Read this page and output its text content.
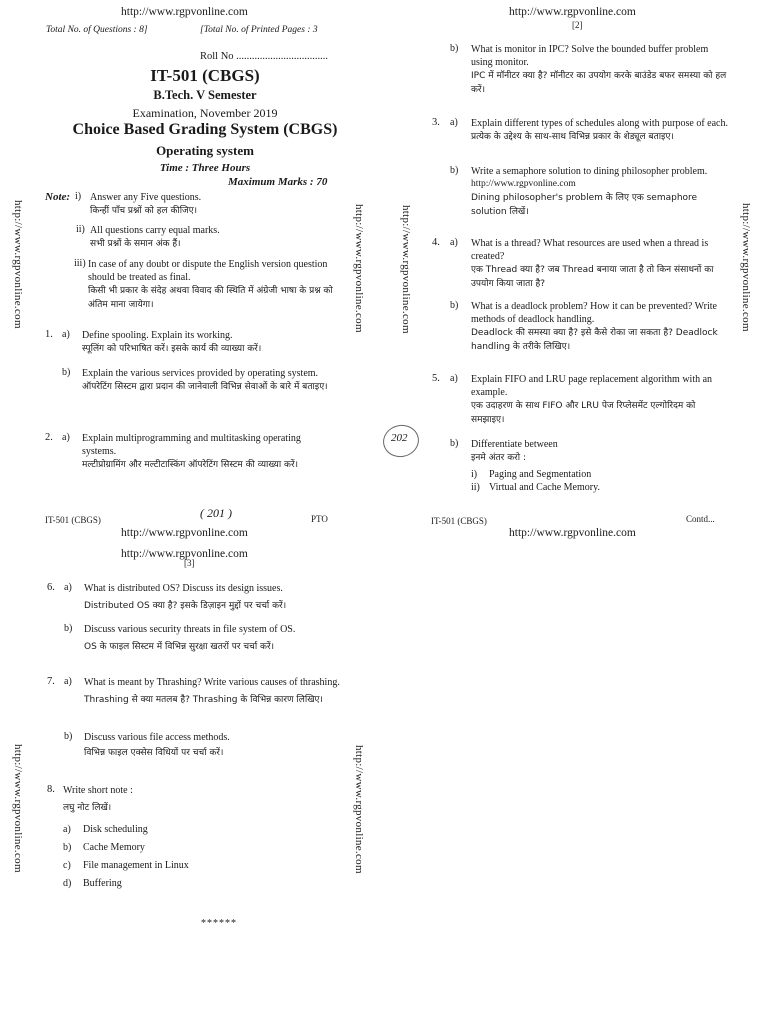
http://www.rgpvonline.com
Total No. of Questions : 8]	[Total No. of Printed Pages : 3
Roll No ...................................
IT-501 (CBGS)
B.Tech. V Semester
Examination, November 2019
Choice Based Grading System (CBGS)
Operating system
Time : Three Hours
Maximum Marks : 70
Note: i) Answer any Five questions.
किन्हीं पाँच प्रश्नों को हल कीजिए।
ii) All questions carry equal marks.
सभी प्रश्नों के समान अंक हैं।
iii) In case of any doubt or dispute the English version question should be treated as final.
किसी भी प्रकार के संदेह अथवा विवाद की स्थिति में अंग्रेजी भाषा के प्रश्न को अंतिम माना जायेगा।
1. a) Define spooling. Explain its working.
स्पूलिंग को परिभाषित करें। इसके कार्य की व्याख्या करें।
b) Explain the various services provided by operating system.
ऑपरेटिंग सिस्टम द्वारा प्रदान की जानेवाली विभिन्न सेवाओं के बारे में बताइए।
2. a) Explain multiprogramming and multitasking operating systems.
मल्टीप्रोग्रामिंग और मल्टीटास्किंग ऑपरेटिंग सिस्टम की व्याख्या करें।
IT-501 (CBGS)	( 201 )	PTO
http://www.rgpvonline.com
http://www.rgpvonline.com
[2]
b) What is monitor in IPC? Solve the bounded buffer problem using monitor.
IPC में मॉनीटर क्या है? मॉनीटर का उपयोग करके बाउंडेड बफर समस्या को हल करें।
3. a) Explain different types of schedules along with purpose of each.
प्रत्येक के उद्देश्य के साथ-साथ विभिन्न प्रकार के शेड्यूल बताइए।
b) Write a semaphore solution to dining philosopher problem.
http://www.rgpvonline.com
Dining philosopher's problem के लिए एक semaphore solution लिखें।
4. a) What is a thread? What resources are used when a thread is created?
एक Thread क्या है? जब Thread बनाया जाता है तो किन संसाधनों का उपयोग किया जाता है?
b) What is a deadlock problem? How it can be prevented? Write methods of deadlock handling.
Deadlock की समस्या क्या है? इसे कैसे रोका जा सकता है? Deadlock handling के तरीके लिखिए।
5. a) Explain FIFO and LRU page replacement algorithm with an example.
एक उदाहरण के साथ FIFO और LRU पेज रिप्लेसमेंट एल्गोरिदम को समझाइए।
b) Differentiate between
इनमे अंतर करो :
i) Paging and Segmentation
ii) Virtual and Cache Memory.
202
IT-501 (CBGS)	Contd...
http://www.rgpvonline.com
http://www.rgpvonline.com
[3]
6. a) What is distributed OS? Discuss its design issues.
Distributed OS क्या है? इसके डिज़ाइन मुद्दों पर चर्चा करें।
b) Discuss various security threats in file system of OS.
OS के फाइल सिस्टम में विभिन्न सुरक्षा खतरों पर चर्चा करें।
7. a) What is meant by Thrashing? Write various causes of thrashing.
Thrashing से क्या मतलब है? Thrashing के विभिन्न कारण लिखिए।
b) Discuss various file access methods.
विभिन्न फाइल एक्सेस विधियों पर चर्चा करें।
8. Write short note :
लघु नोट लिखें।
a) Disk scheduling
b) Cache Memory
c) File management in Linux
d) Buffering
******
http://www.rgpvonline.com	http://www.rgpvonline.com	http://www.rgpvonline.com	http://www.rgpvonline.com
http://www.rgpvonline.com	http://www.rgpvonline.com
